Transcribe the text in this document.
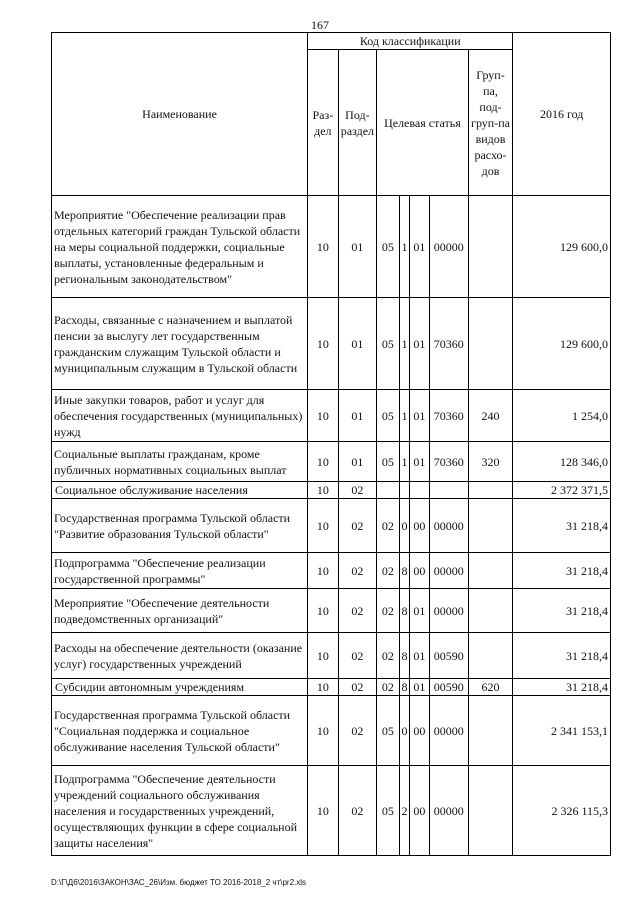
167
Наименование	Код классификации							2016 год
	Раз-дел	Под-раздел	Целевая статья				Груп-па, под-груп-па видов расхо-дов	
Мероприятие "Обеспечение реализации прав отдельных категорий граждан Тульской области на меры социальной поддержки, социальные выплаты, установленные федеральным и региональным законодательством"	10	01	05	1	01	00000		129 600,0
Расходы, связанные с назначением и выплатой пенсии за выслугу лет государственным гражданским служащим Тульской области и муниципальным служащим в Тульской области	10	01	05	1	01	70360		129 600,0
Иные закупки товаров, работ и услуг для обеспечения государственных (муниципальных) нужд	10	01	05	1	01	70360	240	1 254,0
Социальные выплаты гражданам, кроме публичных нормативных социальных выплат	10	01	05	1	01	70360	320	128 346,0
Социальное обслуживание населения	10	02						2 372 371,5
Государственная программа Тульской области "Развитие образования Тульской области"	10	02	02	0	00	00000		31 218,4
Подпрограмма "Обеспечение реализации государственной программы"	10	02	02	8	00	00000		31 218,4
Мероприятие "Обеспечение деятельности подведомственных организаций"	10	02	02	8	01	00000		31 218,4
Расходы на обеспечение деятельности (оказание услуг) государственных учреждений	10	02	02	8	01	00590		31 218,4
Субсидии автономным учреждениям	10	02	02	8	01	00590	620	31 218,4
Государственная программа Тульской области "Социальная поддержка и социальное обслуживание населения Тульской области"	10	02	05	0	00	00000		2 341 153,1
Подпрограмма "Обеспечение деятельности учреждений социального обслуживания населения и государственных учреждений, осуществляющих функции в сфере социальной защиты населения"	10	02	05	2	00	00000		2 326 115,3
D:\Г\Д6\2016\ЗАКОН\ЗАС_26\Изм. бюджет ТО 2016-2018_2 чт\pr2.xls
